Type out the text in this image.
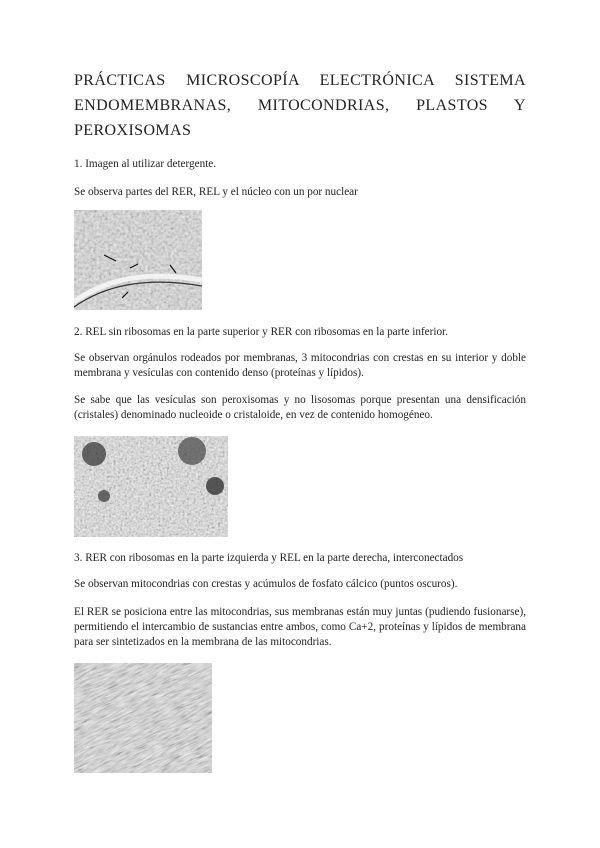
PRÁCTICAS MICROSCOPÍA ELECTRÓNICA SISTEMA
ENDOMEMBRANAS, MITOCONDRIAS, PLASTOS Y
PEROXISOMAS

1. Imagen al utilizar detergente.

Se observa partes del RER, REL y el núcleo con un por nuclear

2. REL sin ribosomas en la parte superior y RER con ribosomas en la parte inferior.

Se observan orgánulos rodeados por membranas, 3 mitocondrias con crestas en su interior y doble membrana y vesículas con contenido denso (proteínas y lípidos).

Se sabe que las vesículas son peroxisomas y no lisosomas porque presentan una densificación (cristales) denominado nucleoide o cristaloide, en vez de contenido homogéneo.

3. RER con ribosomas en la parte izquierda y REL en la parte derecha, interconectados

Se observan mitocondrias con crestas y acúmulos de fosfato cálcico (puntos oscuros).

El RER se posiciona entre las mitocondrias, sus membranas están muy juntas (pudiendo fusionarse), permitiendo el intercambio de sustancias entre ambos, como Ca+2, proteínas y lípidos de membrana para ser sintetizados en la membrana de las mitocondrias.
